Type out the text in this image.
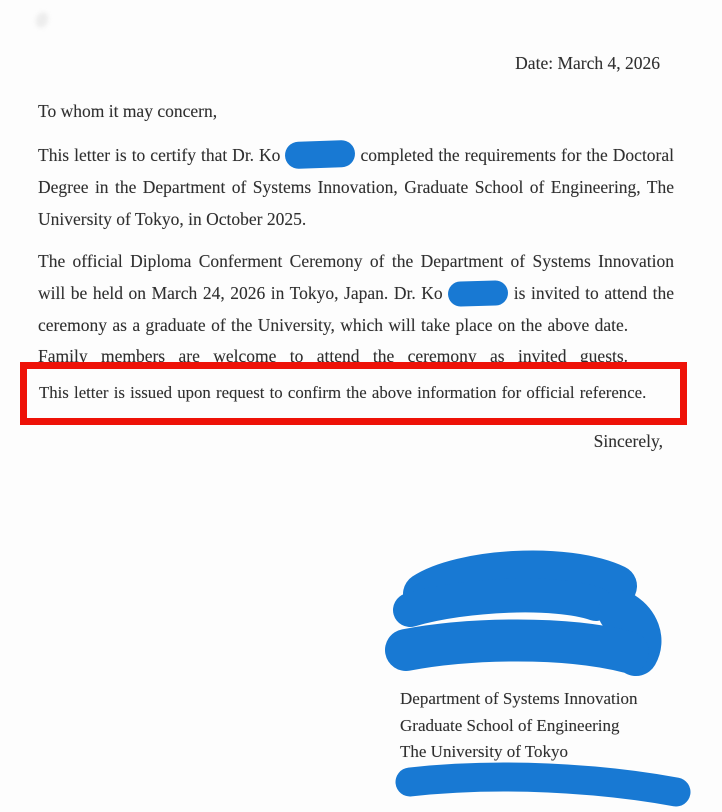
Date: March 4, 2026
To whom it may concern,
This letter is to certify that Dr. Ko	completed the requirements for the Doctoral
Degree in the Department of Systems Innovation, Graduate School of Engineering, The
University of Tokyo, in October 2025.
The official Diploma Conferment Ceremony of the Department of Systems Innovation
will be held on March 24, 2026 in Tokyo, Japan. Dr. Ko	is invited to attend the
ceremony as a graduate of the University, which will take place on the above date.
Family members are welcome to attend the ceremony as invited guests.
This letter is issued upon request to confirm the above information for official reference.
Sincerely,
Department of Systems Innovation
Graduate School of Engineering
The University of Tokyo
